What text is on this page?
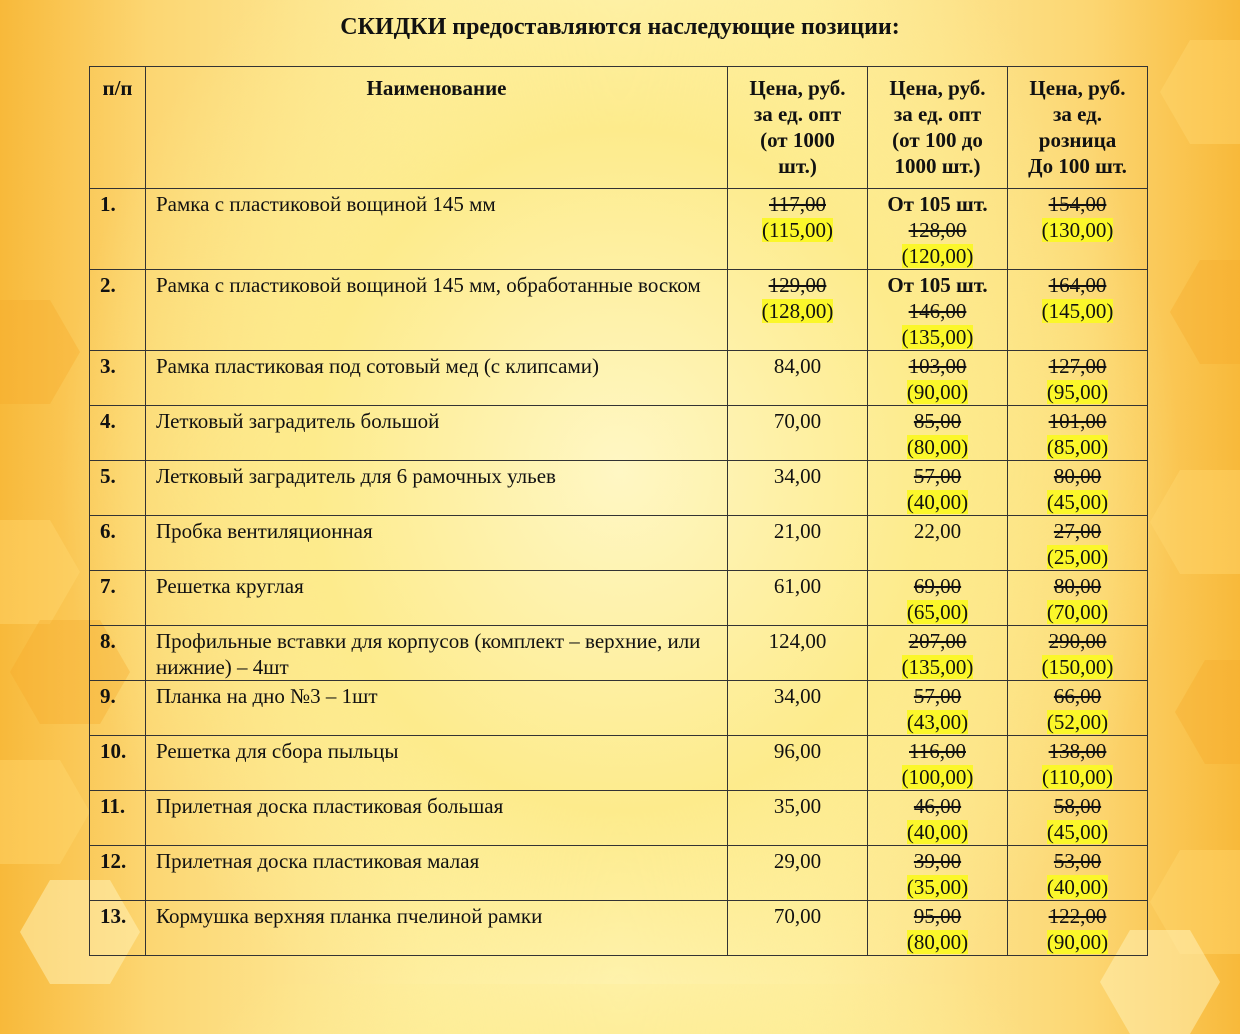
СКИДКИ предоставляются наследующие позиции:
п/п	Наименование	Цена, руб.
за ед. опт
(от 1000
шт.)	Цена, руб.
за ед. опт
(от 100 до
1000 шт.)	Цена, руб.
за ед.
розница
До 100 шт.

1.	Рамка с пластиковой вощиной 145 мм	117,00
(115,00)	От 105 шт.
128,00
(120,00)	154,00
(130,00)

2.	Рамка с пластиковой вощиной 145 мм, обработанные воском	129,00
(128,00)	От 105 шт.
146,00
(135,00)	164,00
(145,00)

3.	Рамка пластиковая под сотовый мед (с клипсами)	84,00	103,00
(90,00)	127,00
(95,00)

4.	Летковый заградитель большой	70,00	85,00
(80,00)	101,00
(85,00)

5.	Летковый заградитель для 6 рамочных ульев	34,00	57,00
(40,00)	80,00
(45,00)

6.	Пробка вентиляционная	21,00	22,00	27,00
(25,00)

7.	Решетка круглая	61,00	69,00
(65,00)	80,00
(70,00)

8.	Профильные вставки для корпусов (комплект – верхние, или нижние) – 4шт	124,00	207,00
(135,00)	290,00
(150,00)

9.	Планка на дно №3 – 1шт	34,00	57,00
(43,00)	66,00
(52,00)

10.	Решетка для сбора пыльцы	96,00	116,00
(100,00)	138,00
(110,00)

11.	Прилетная доска пластиковая большая	35,00	46,00
(40,00)	58,00
(45,00)

12.	Прилетная доска пластиковая малая	29,00	39,00
(35,00)	53,00
(40,00)

13.	Кормушка верхняя планка пчелиной рамки	70,00	95,00
(80,00)	122,00
(90,00)
